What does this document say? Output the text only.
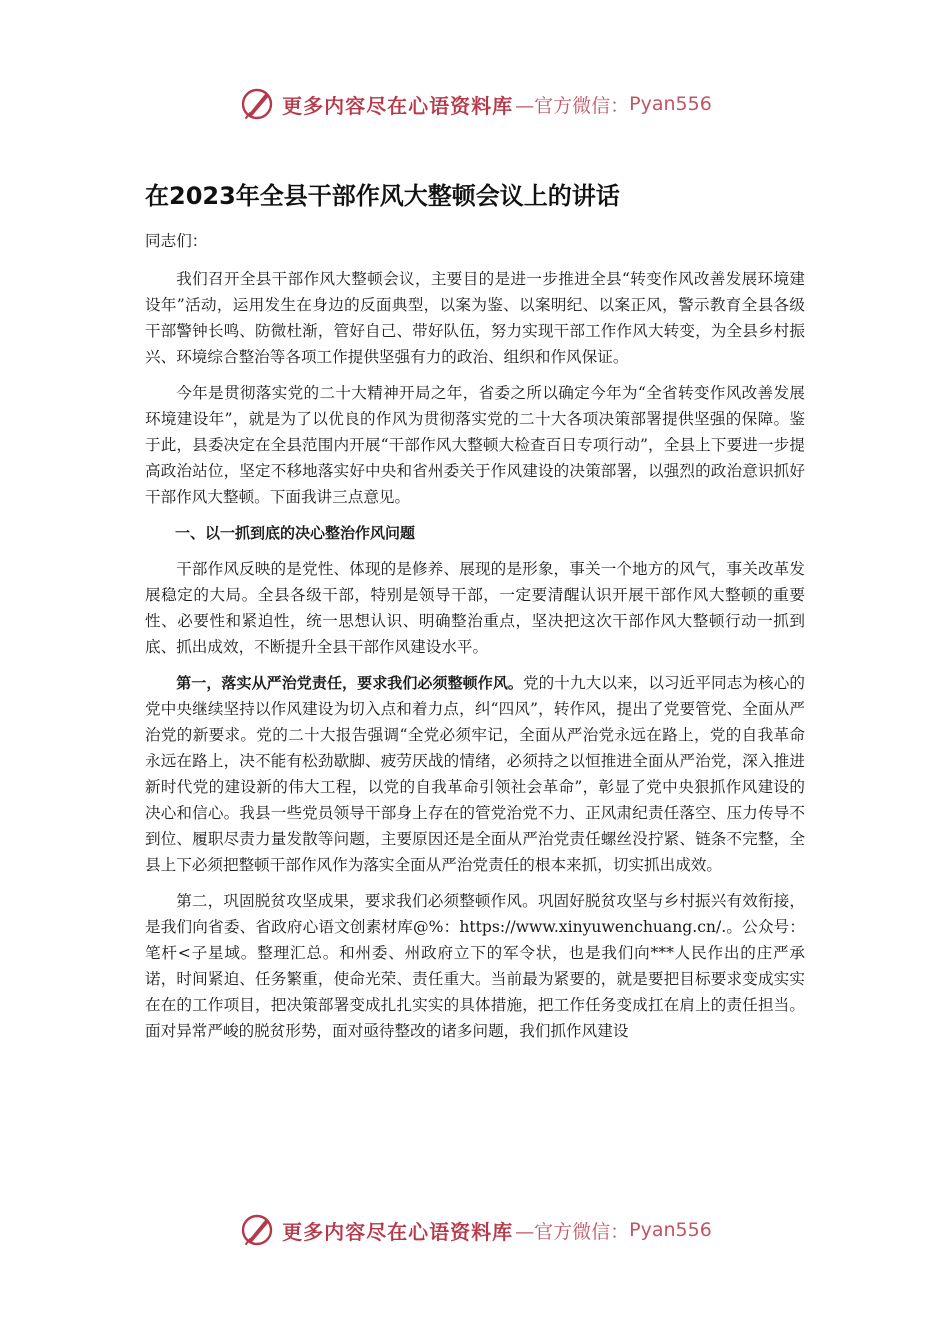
更多内容尽在心语资料库 —官方微信： Pyan556
在2023年全县干部作风大整顿会议上的讲话

同志们：

我们召开全县干部作风大整顿会议，主要目的是进一步推进全县“转变作风改善发展环境建设年”活动，运用发生在身边的反面典型，以案为鉴、以案明纪、以案正风，警示教育全县各级干部警钟长鸣、防微杜渐，管好自己、带好队伍，努力实现干部工作作风大转变，为全县乡村振兴、环境综合整治等各项工作提供坚强有力的政治、组织和作风保证。

今年是贯彻落实党的二十大精神开局之年，省委之所以确定今年为“全省转变作风改善发展环境建设年”，就是为了以优良的作风为贯彻落实党的二十大各项决策部署提供坚强的保障。鉴于此，县委决定在全县范围内开展“干部作风大整顿大检查百日专项行动”，全县上下要进一步提高政治站位，坚定不移地落实好中央和省州委关于作风建设的决策部署，以强烈的政治意识抓好干部作风大整顿。下面我讲三点意见。

一、以一抓到底的决心整治作风问题

干部作风反映的是党性、体现的是修养、展现的是形象，事关一个地方的风气，事关改革发展稳定的大局。全县各级干部，特别是领导干部，一定要清醒认识开展干部作风大整顿的重要性、必要性和紧迫性，统一思想认识、明确整治重点，坚决把这次干部作风大整顿行动一抓到底、抓出成效，不断提升全县干部作风建设水平。

第一，落实从严治党责任，要求我们必须整顿作风。党的十九大以来，以习近平同志为核心的党中央继续坚持以作风建设为切入点和着力点，纠“四风”，转作风，提出了党要管党、全面从严治党的新要求。党的二十大报告强调“全党必须牢记，全面从严治党永远在路上，党的自我革命永远在路上，决不能有松劲歇脚、疲劳厌战的情绪，必须持之以恒推进全面从严治党，深入推进新时代党的建设新的伟大工程，以党的自我革命引领社会革命”，彰显了党中央狠抓作风建设的决心和信心。我县一些党员领导干部身上存在的管党治党不力、正风肃纪责任落空、压力传导不到位、履职尽责力量发散等问题，主要原因还是全面从严治党责任螺丝没拧紧、链条不完整，全县上下必须把整顿干部作风作为落实全面从严治党责任的根本来抓，切实抓出成效。

第二，巩固脱贫攻坚成果，要求我们必须整顿作风。巩固好脱贫攻坚与乡村振兴有效衔接，是我们向省委、省政府心语文创素材库@%：https://www.xinyuwenchuang.cn/.。公众号：笔杆<子星域。整理汇总。和州委、州政府立下的军令状，也是我们向***人民作出的庄严承诺，时间紧迫、任务繁重，使命光荣、责任重大。当前最为紧要的，就是要把目标要求变成实实在在的工作项目，把决策部署变成扎扎实实的具体措施，把工作任务变成扛在肩上的责任担当。面对异常严峻的脱贫形势，面对亟待整改的诸多问题，我们抓作风建设

更多内容尽在心语资料库 —官方微信： Pyan556
